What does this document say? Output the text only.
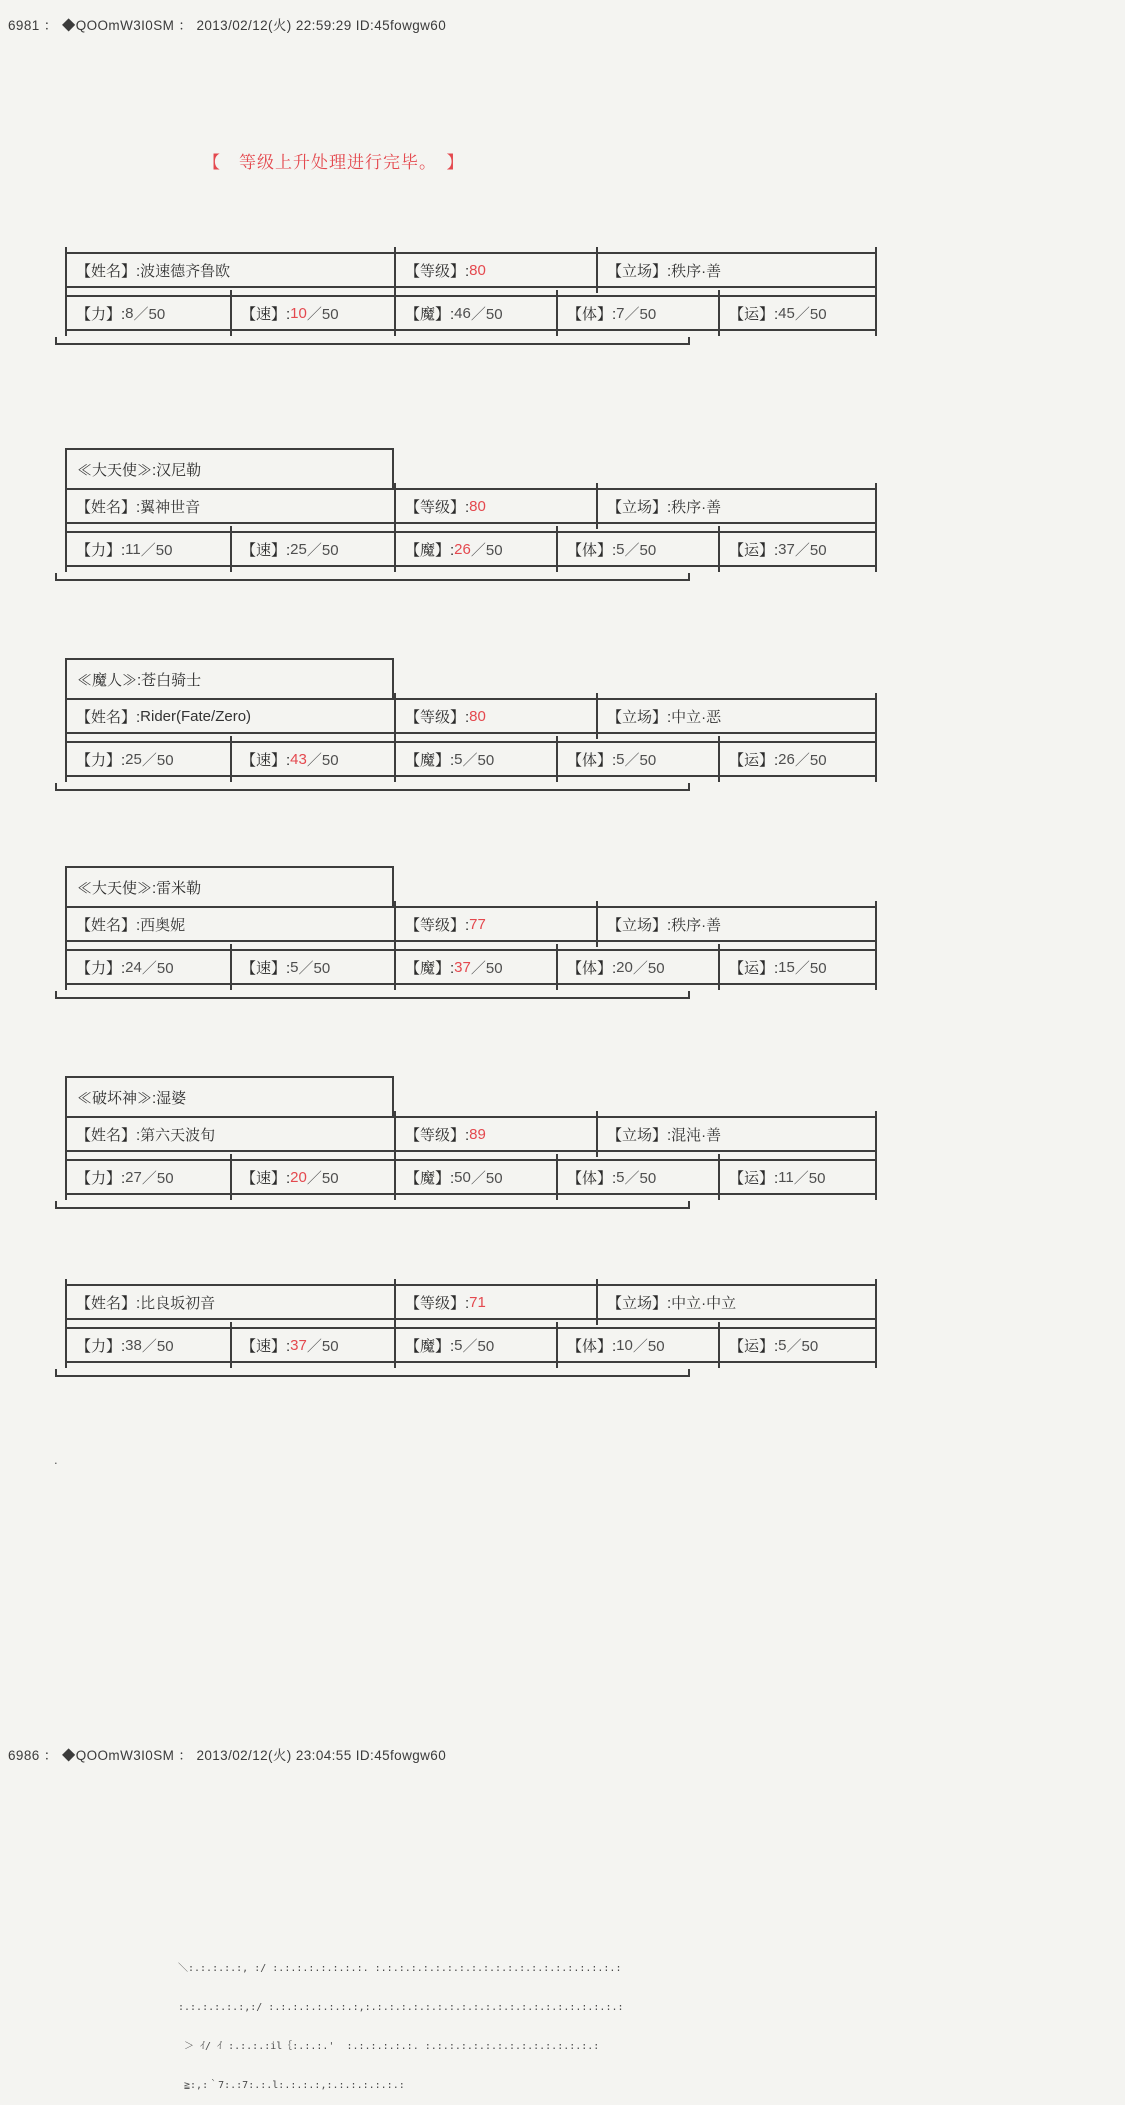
6981 ： ◆QOOmW3I0SM ： 2013/02/12(火) 22:59:29 ID:45fowgw60
【　等级上升处理进行完毕。　】
【姓名】: 波速德齐鲁欧	【等级】: 80	【立场】: 秩序·善
【力】: 8 ／50	【速】: 10 ／50	【魔】: 46 ／50	【体】: 7 ／50	【运】: 45 ／50
≪大天使≫:汉尼勒
【姓名】: 翼神世音	【等级】: 80	【立场】: 秩序·善
【力】: 11 ／50	【速】: 25 ／50	【魔】: 26 ／50	【体】: 5 ／50	【运】: 37 ／50
≪魔人≫:苍白骑士
【姓名】: Rider(Fate/Zero)	【等级】: 80	【立场】: 中立·恶
【力】: 25 ／50	【速】: 43 ／50	【魔】: 5 ／50	【体】: 5 ／50	【运】: 26 ／50
≪大天使≫:雷米勒
【姓名】: 西奥妮	【等级】: 77	【立场】: 秩序·善
【力】: 24 ／50	【速】: 5 ／50	【魔】: 37 ／50	【体】: 20 ／50	【运】: 15 ／50
≪破坏神≫:湿婆
【姓名】: 第六天波旬	【等级】: 89	【立场】: 混沌·善
【力】: 27 ／50	【速】: 20 ／50	【魔】: 50 ／50	【体】: 5 ／50	【运】: 11 ／50
【姓名】: 比良坂初音	【等级】: 71	【立场】: 中立·中立
【力】: 38 ／50	【速】: 37 ／50	【魔】: 5 ／50	【体】: 10 ／50	【运】: 5 ／50
.
6986 ： ◆QOOmW3I0SM ： 2013/02/12(火) 23:04:55 ID:45fowgw60

＼:.:.:.:.:, :/ :.:.:.:.:.:.:.:. :.:.:.:.:.:.:.:.:.:.:.:.:.:.:.:.:.:.:.:.:

:.:.:.:.:.:,:/ :.:.:.:.:.:.:.:,:.:.:.:.:.:.:.:.:.:.:.:.:.:.:.:.:.:.:.:.:.:

＞ ｲ/ ｲ :.:.:.:il｛:.:.:.'  :.:.:.:.:.:. :.:.:.:.:.:.:.:.:.:.:.:.:.:.:

≧:,:｀7:.:7:.:.l:.:.:.:,:.:.:.:.:.:.:
